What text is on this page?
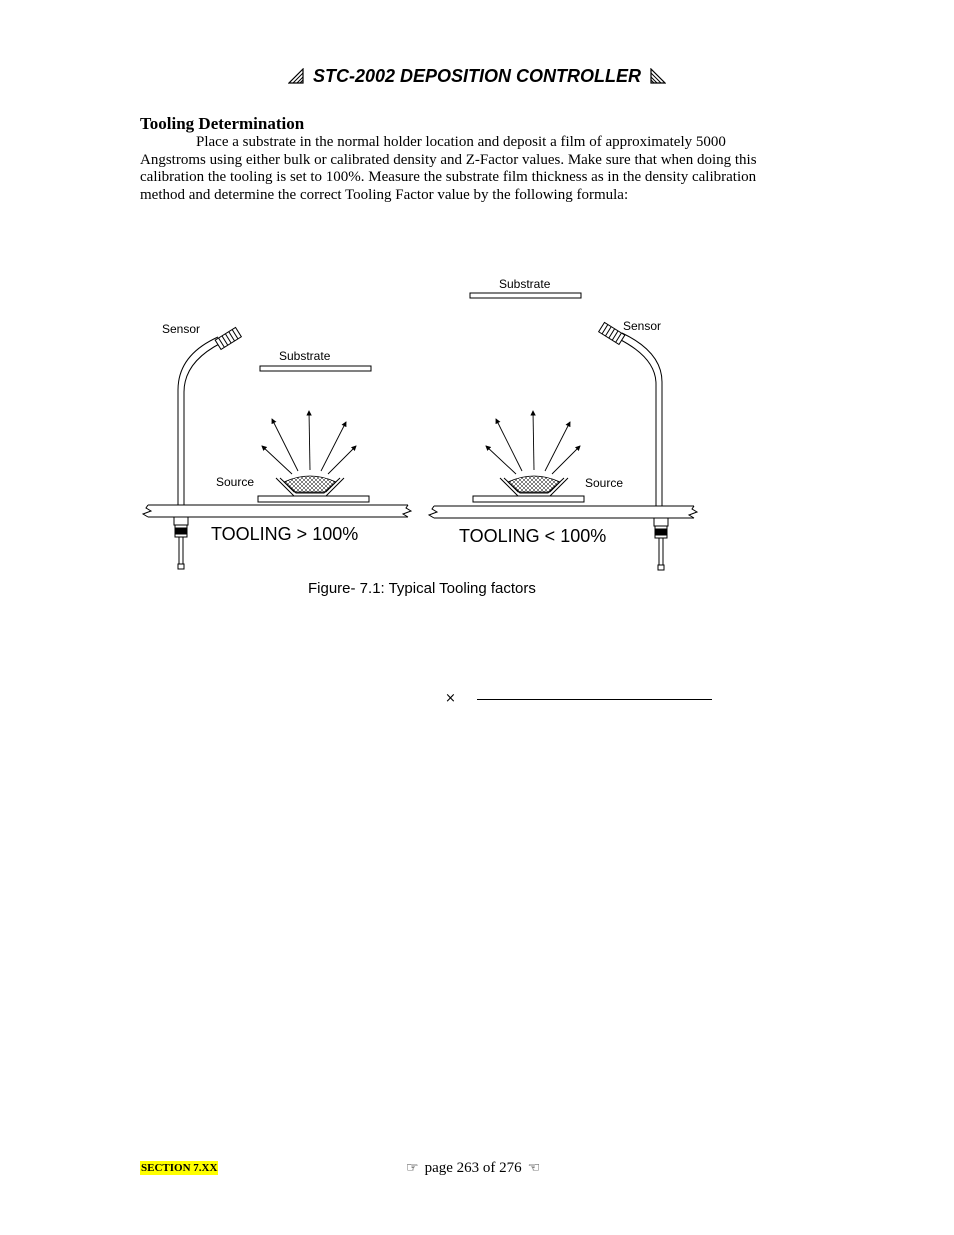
STC-2002 DEPOSITION CONTROLLER
Tooling Determination
Place a substrate in the normal holder location and deposit a film of approximately 5000
Angstroms using either bulk or calibrated density and Z-Factor values. Make sure that when doing this
calibration the tooling is set to 100%. Measure the substrate film thickness as in the density calibration
method and determine the correct Tooling Factor value by the following formula:
Sensor
Substrate
Source
TOOLING > 100%
Sensor
Substrate
Source
TOOLING < 100%
Figure- 7.1: Typical Tooling factors
×
SECTION 7.XX	☞ page 263 of 276 ☜
